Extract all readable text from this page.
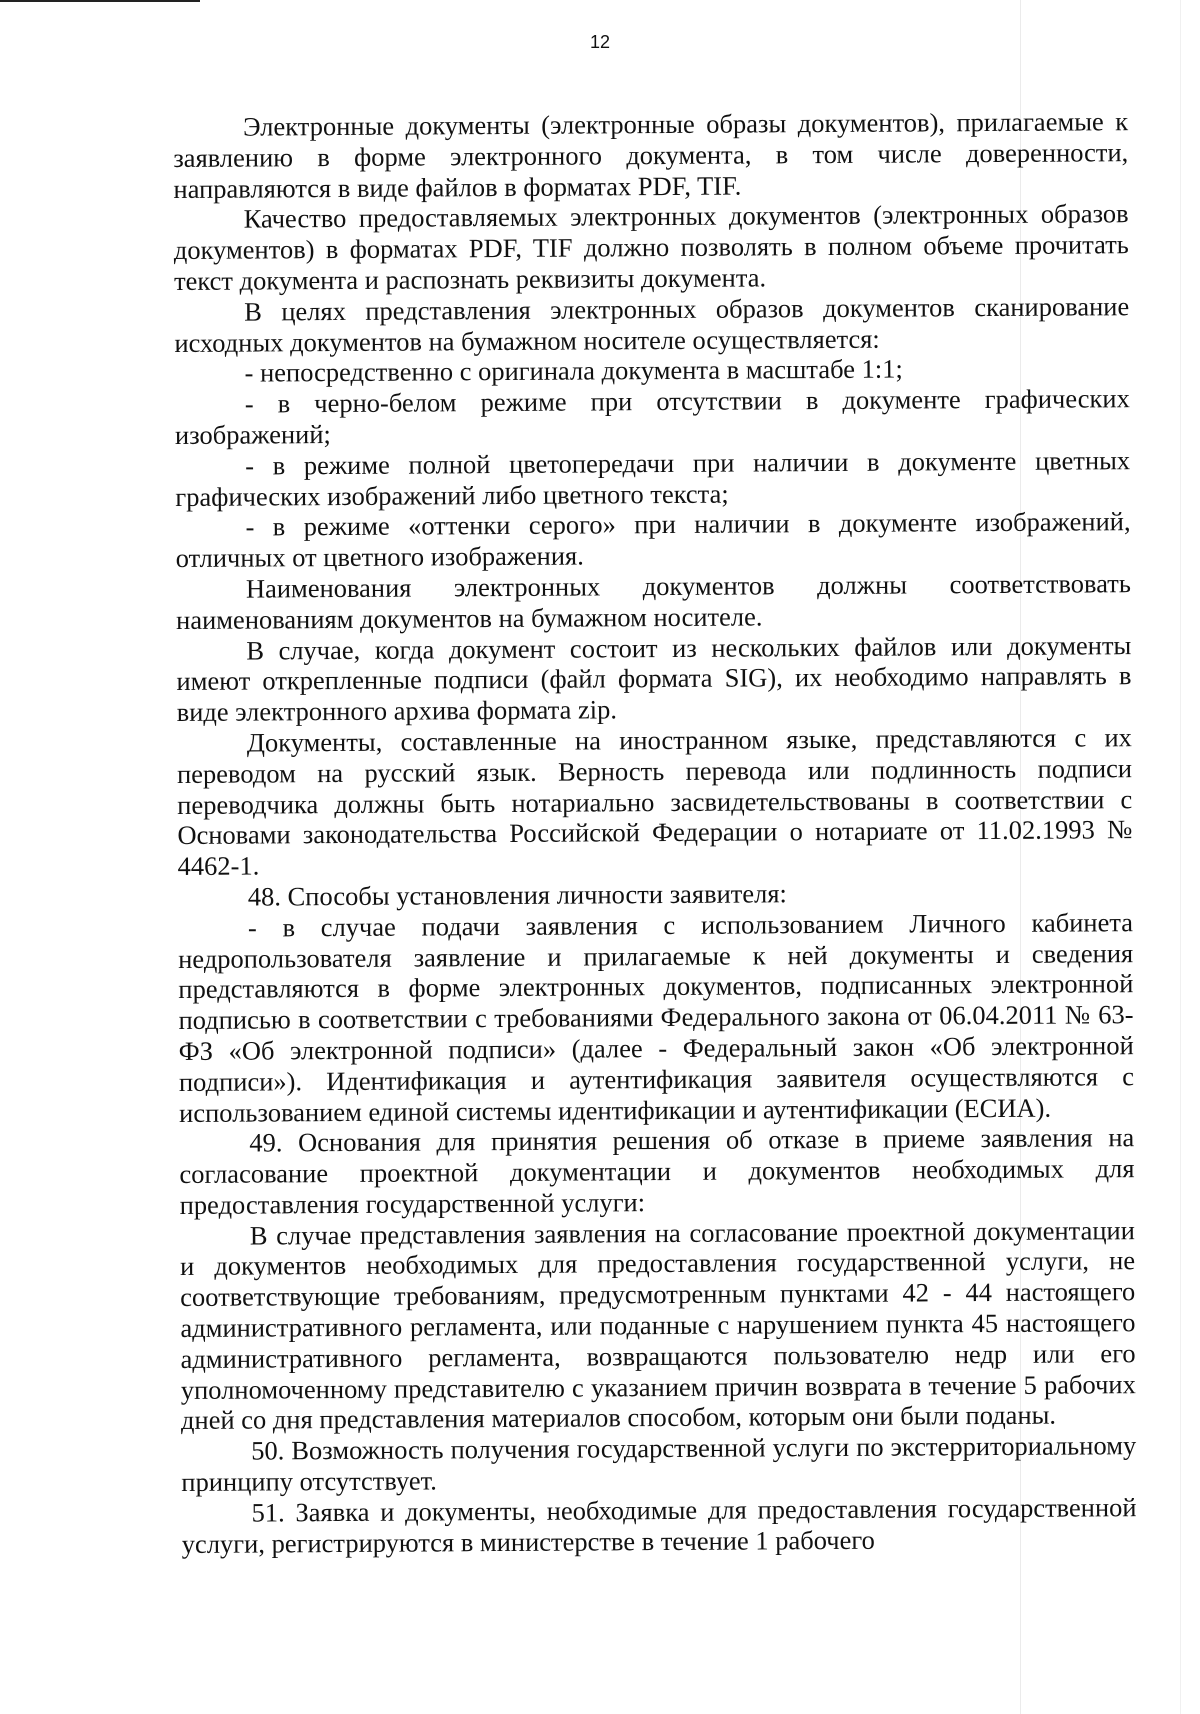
12

Электронные документы (электронные образы документов), прилагаемые к заявлению в форме электронного документа, в том числе доверенности, направляются в виде файлов в форматах PDF, TIF.

Качество предоставляемых электронных документов (электронных образов документов) в форматах PDF, TIF должно позволять в полном объеме прочитать текст документа и распознать реквизиты документа.

В целях представления электронных образов документов сканирование исходных документов на бумажном носителе осуществляется:

- непосредственно с оригинала документа в масштабе 1:1;

- в черно-белом режиме при отсутствии в документе графических изображений;

- в режиме полной цветопередачи при наличии в документе цветных графических изображений либо цветного текста;

- в режиме «оттенки серого» при наличии в документе изображений, отличных от цветного изображения.

Наименования электронных документов должны соответствовать наименованиям документов на бумажном носителе.

В случае, когда документ состоит из нескольких файлов или документы имеют открепленные подписи (файл формата SIG), их необходимо направлять в виде электронного архива формата zip.

Документы, составленные на иностранном языке, представляются с их переводом на русский язык. Верность перевода или подлинность подписи переводчика должны быть нотариально засвидетельствованы в соответствии с Основами законодательства Российской Федерации о нотариате от 11.02.1993 № 4462-1.

48. Способы установления личности заявителя:

- в случае подачи заявления с использованием Личного кабинета недропользователя заявление и прилагаемые к ней документы и сведения представляются в форме электронных документов, подписанных электронной подписью в соответствии с требованиями Федерального закона от 06.04.2011 № 63-ФЗ «Об электронной подписи» (далее - Федеральный закон «Об электронной подписи»). Идентификация и аутентификация заявителя осуществляются с использованием единой системы идентификации и аутентификации (ЕСИА).

49. Основания для принятия решения об отказе в приеме заявления на согласование проектной документации и документов необходимых для предоставления государственной услуги:

В случае представления заявления на согласование проектной документации и документов необходимых для предоставления государственной услуги, не соответствующие требованиям, предусмотренным пунктами 42 - 44 настоящего административного регламента, или поданные с нарушением пункта 45 настоящего административного регламента, возвращаются пользователю недр или его уполномоченному представителю с указанием причин возврата в течение 5 рабочих дней со дня представления материалов способом, которым они были поданы.

50. Возможность получения государственной услуги по экстерриториальному принципу отсутствует.

51. Заявка и документы, необходимые для предоставления государственной услуги, регистрируются в министерстве в течение 1 рабочего
